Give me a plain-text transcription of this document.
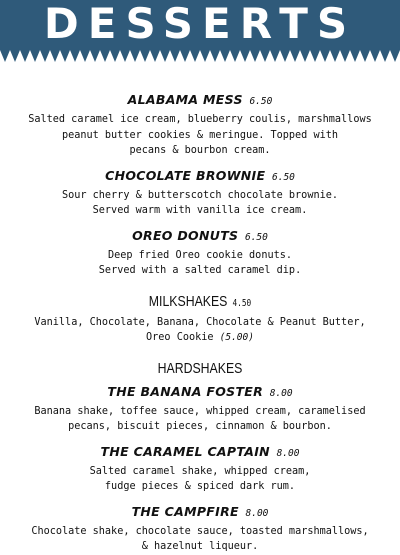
DESSERTS

ALABAMA MESS 6.50

Salted caramel ice cream, blueberry coulis, marshmallows
peanut butter cookies & meringue. Topped with
pecans & bourbon cream.

CHOCOLATE BROWNIE 6.50

Sour cherry & butterscotch chocolate brownie.
Served warm with vanilla ice cream.

OREO DONUTS 6.50

Deep fried Oreo cookie donuts.
Served with a salted caramel dip.

MILKSHAKES 4.50

Vanilla, Chocolate, Banana, Chocolate & Peanut Butter,
Oreo Cookie (5.00)

HARDSHAKES

THE BANANA FOSTER 8.00

Banana shake, toffee sauce, whipped cream, caramelised
pecans, biscuit pieces, cinnamon & bourbon.

THE CARAMEL CAPTAIN 8.00

Salted caramel shake, whipped cream,
fudge pieces & spiced dark rum.

THE CAMPFIRE 8.00

Chocolate shake, chocolate sauce, toasted marshmallows,
& hazelnut liqueur.
